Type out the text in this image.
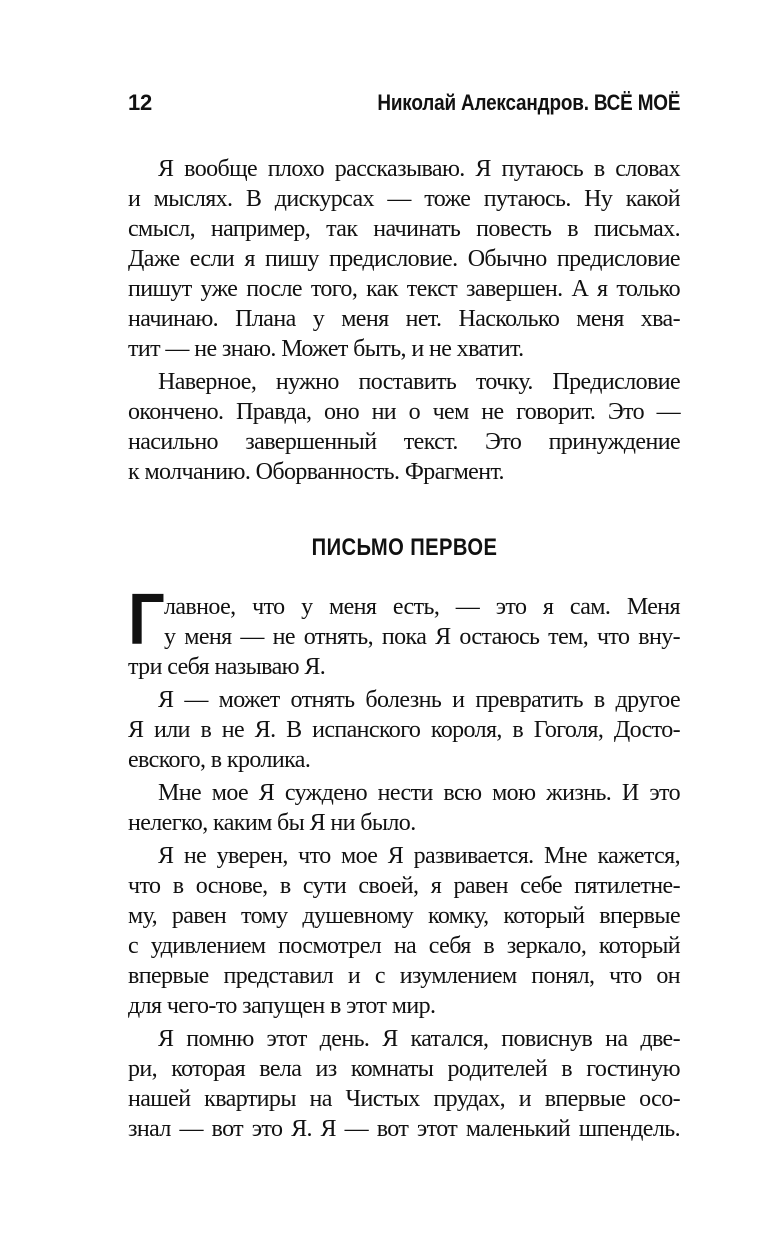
12	Николай Александров. ВСЁ МОЁ
Я вообще плохо рассказываю. Я путаюсь в словах
и мыслях. В дискурсах — тоже путаюсь. Ну какой
смысл, например, так начинать повесть в письмах.
Даже если я пишу предисловие. Обычно предисловие
пишут уже после того, как текст завершен. А я только
начинаю. Плана у меня нет. Насколько меня хва-
тит — не знаю. Может быть, и не хватит.
Наверное, нужно поставить точку. Предисловие
окончено. Правда, оно ни о чем не говорит. Это —
насильно завершенный текст. Это принуждение
к молчанию. Оборванность. Фрагмент.
ПИСЬМО ПЕРВОЕ
Г лавное, что у меня есть, — это я сам. Меня
у меня — не отнять, пока Я остаюсь тем, что вну-
три себя называю Я.
Я — может отнять болезнь и превратить в другое
Я или в не Я. В испанского короля, в Гоголя, Досто-
евского, в кролика.
Мне мое Я суждено нести всю мою жизнь. И это
нелегко, каким бы Я ни было.
Я не уверен, что мое Я развивается. Мне кажется,
что в основе, в сути своей, я равен себе пятилетне-
му, равен тому душевному комку, который впервые
с удивлением посмотрел на себя в зеркало, который
впервые представил и с изумлением понял, что он
для чего-то запущен в этот мир.
Я помню этот день. Я катался, повиснув на две-
ри, которая вела из комнаты родителей в гостиную
нашей квартиры на Чистых прудах, и впервые осо-
знал — вот это Я. Я — вот этот маленький шпендель.
